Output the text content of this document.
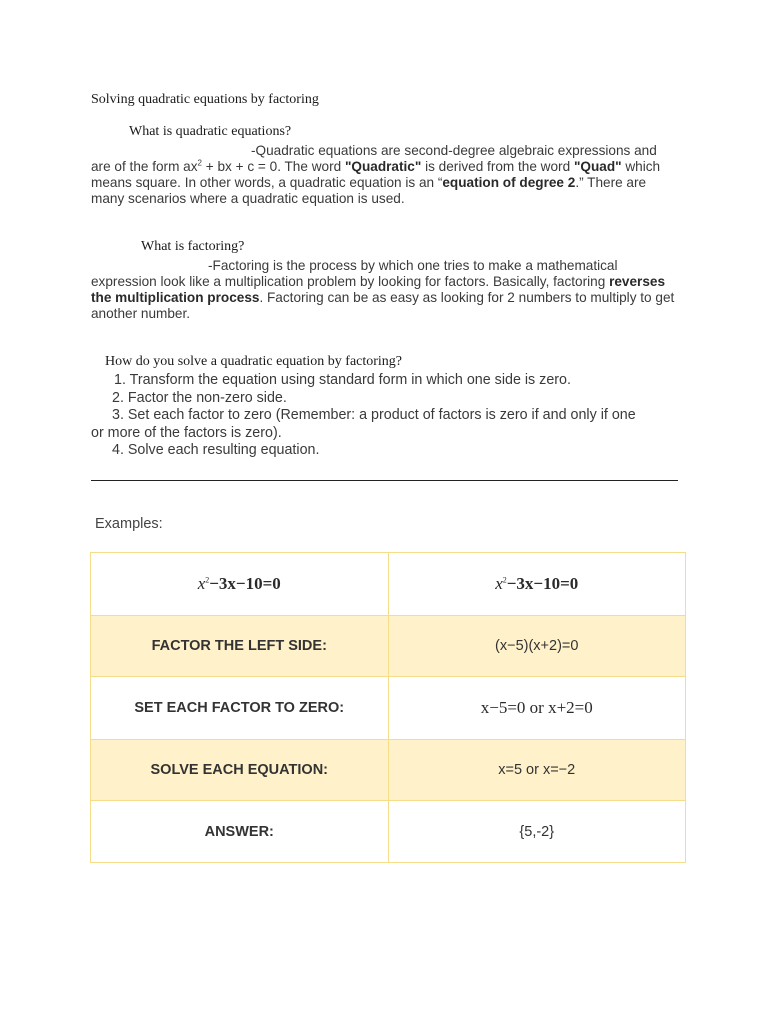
Solving quadratic equations by factoring
What is quadratic equations?
-Quadratic equations are second-degree algebraic expressions and
are of the form $ax^2$ + bx + c = 0. The word "Quadratic" is derived from the word "Quad" which means square. In other words, a quadratic equation is an “equation of degree 2.” There are many scenarios where a quadratic equation is used.
What is factoring?
-Factoring is the process by which one tries to make a mathematical
expression look like a multiplication problem by looking for factors. Basically, factoring reverses the multiplication process. Factoring can be as easy as looking for 2 numbers to multiply to get another number.
How do you solve a quadratic equation by factoring?
1. Transform the equation using standard form in which one side is zero.
2. Factor the non-zero side.
3. Set each factor to zero (Remember: a product of factors is zero if and only if one
or more of the factors is zero).
4. Solve each resulting equation.
Examples:
$x^2-3x-10=0$	$x^2-3x-10=0$
FACTOR THE LEFT SIDE:	(x−5)(x+2)=0
SET EACH FACTOR TO ZERO:	x−5=0 or x+2=0
SOLVE EACH EQUATION:	x=5 or x=−2
ANSWER:	{5,-2}
